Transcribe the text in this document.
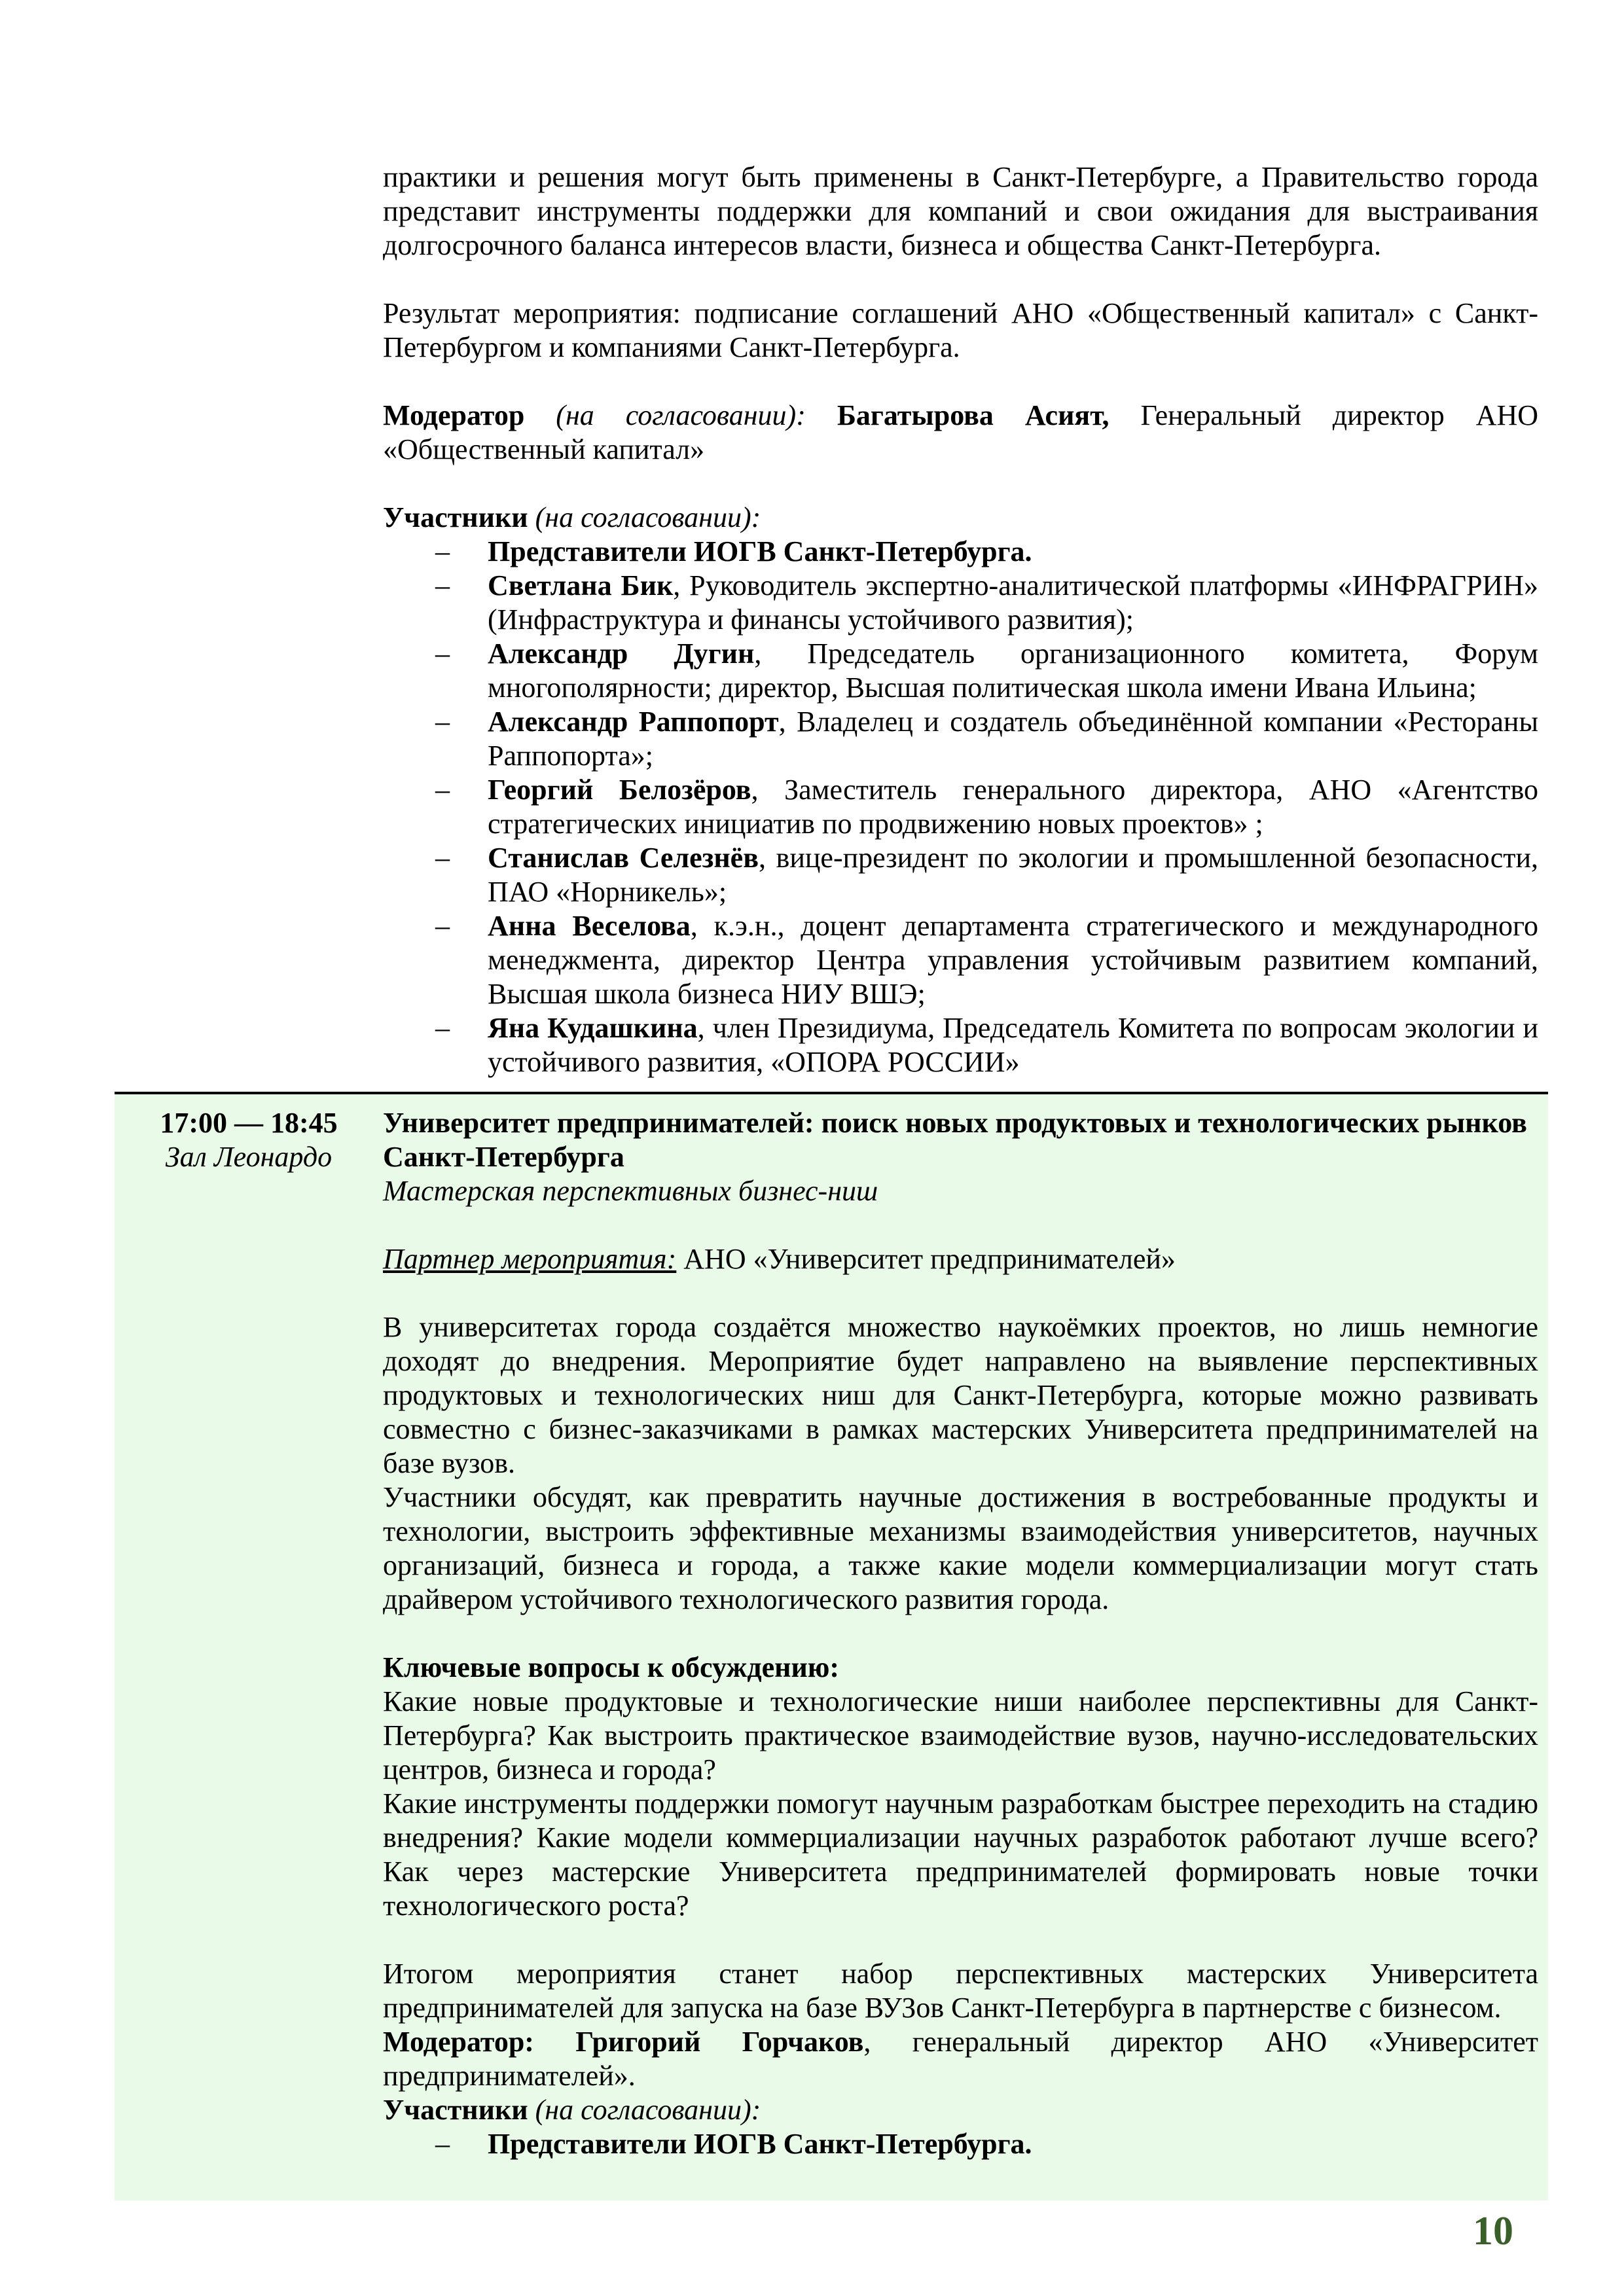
практики и решения могут быть применены в Санкт-Петербурге, а Правительство города представит инструменты поддержки для компаний и свои ожидания для выстраивания долгосрочного баланса интересов власти, бизнеса и общества Санкт-Петербурга.

Результат мероприятия: подписание соглашений АНО «Общественный капитал» с Санкт-Петербургом и компаниями Санкт-Петербурга.

Модератор (на согласовании): Багатырова Асият, Генеральный директор АНО «Общественный капитал»

Участники (на согласовании):

– Представители ИОГВ Санкт-Петербурга.

– Светлана Бик, Руководитель экспертно-аналитической платформы «ИНФРАГРИН» (Инфраструктура и финансы устойчивого развития);

– Александр Дугин, Председатель организационного комитета, Форум многополярности; директор, Высшая политическая школа имени Ивана Ильина;

– Александр Раппопорт, Владелец и создатель объединённой компании «Рестораны Раппопорта»;

– Георгий Белозёров, Заместитель генерального директора, АНО «Агентство стратегических инициатив по продвижению новых проектов» ;

– Станислав Селезнёв, вице-президент по экологии и промышленной безопасности, ПАО «Норникель»;

– Анна Веселова, к.э.н., доцент департамента стратегического и международного менеджмента, директор Центра управления устойчивым развитием компаний, Высшая школа бизнеса НИУ ВШЭ;

– Яна Кудашкина, член Президиума, Председатель Комитета по вопросам экологии и устойчивого развития, «ОПОРА РОССИИ»

17:00 — 18:45

Зал Леонардо

Университет предпринимателей: поиск новых продуктовых и технологических рынков Санкт-Петербурга

Мастерская перспективных бизнес-ниш

Партнер мероприятия: АНО «Университет предпринимателей»

В университетах города создаётся множество наукоёмких проектов, но лишь немногие доходят до внедрения. Мероприятие будет направлено на выявление перспективных продуктовых и технологических ниш для Санкт-Петербурга, которые можно развивать совместно с бизнес-заказчиками в рамках мастерских Университета предпринимателей на базе вузов.

Участники обсудят, как превратить научные достижения в востребованные продукты и технологии, выстроить эффективные механизмы взаимодействия университетов, научных организаций, бизнеса и города, а также какие модели коммерциализации могут стать драйвером устойчивого технологического развития города.

Ключевые вопросы к обсуждению:

Какие новые продуктовые и технологические ниши наиболее перспективны для Санкт-Петербурга? Как выстроить практическое взаимодействие вузов, научно-исследовательских центров, бизнеса и города?

Какие инструменты поддержки помогут научным разработкам быстрее переходить на стадию внедрения? Какие модели коммерциализации научных разработок работают лучше всего? Как через мастерские Университета предпринимателей формировать новые точки технологического роста?

Итогом мероприятия станет набор перспективных мастерских Университета предпринимателей для запуска на базе ВУЗов Санкт-Петербурга в партнерстве с бизнесом.

Модератор: Григорий Горчаков, генеральный директор АНО «Университет предпринимателей».

Участники (на согласовании):

– Представители ИОГВ Санкт-Петербурга.

10
